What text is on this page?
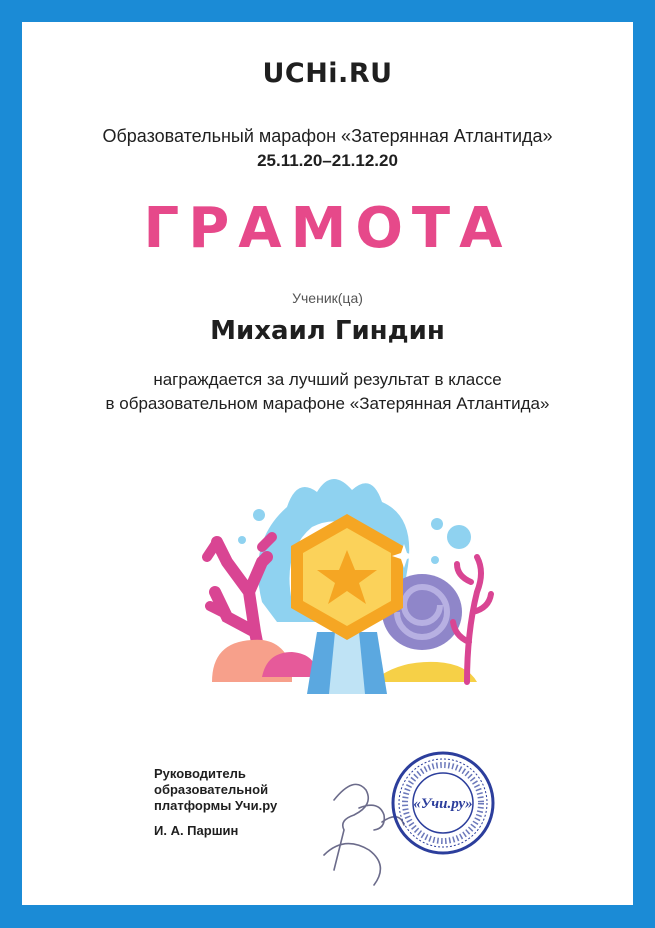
UCHi.RU
Образовательный марафон «Затерянная Атлантида»
25.11.20–21.12.20
ГРАМОТА
Ученик(ца)
Михаил Гиндин
награждается за лучший результат в классе
в образовательном марафоне «Затерянная Атлантида»
Руководитель
образовательной
платформы Учи.ру
И. А. Паршин
«Учи.ру»
